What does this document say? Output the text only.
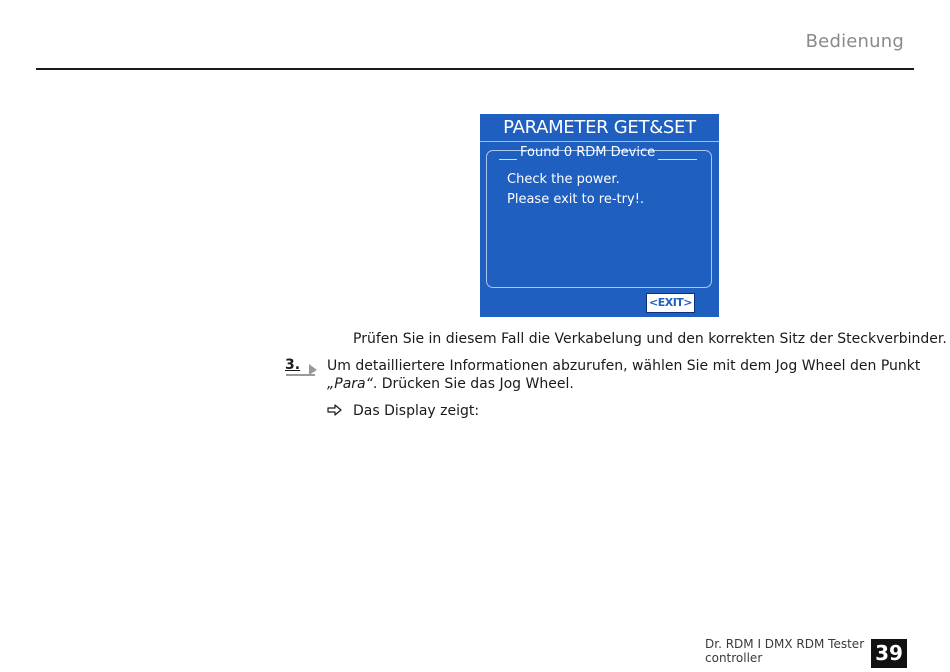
Bedienung
PARAMETER GET&SET
Found 0 RDM Device
Check the power.
Please exit to re-try!.
<EXIT>
Prüfen Sie in diesem Fall die Verkabelung und den korrekten Sitz der Steckverbinder.
3. Um detailliertere Informationen abzurufen, wählen Sie mit dem Jog Wheel den Punkt
„Para“. Drücken Sie das Jog Wheel.
Das Display zeigt:
Dr. RDM I DMX RDM Tester
controller	39
